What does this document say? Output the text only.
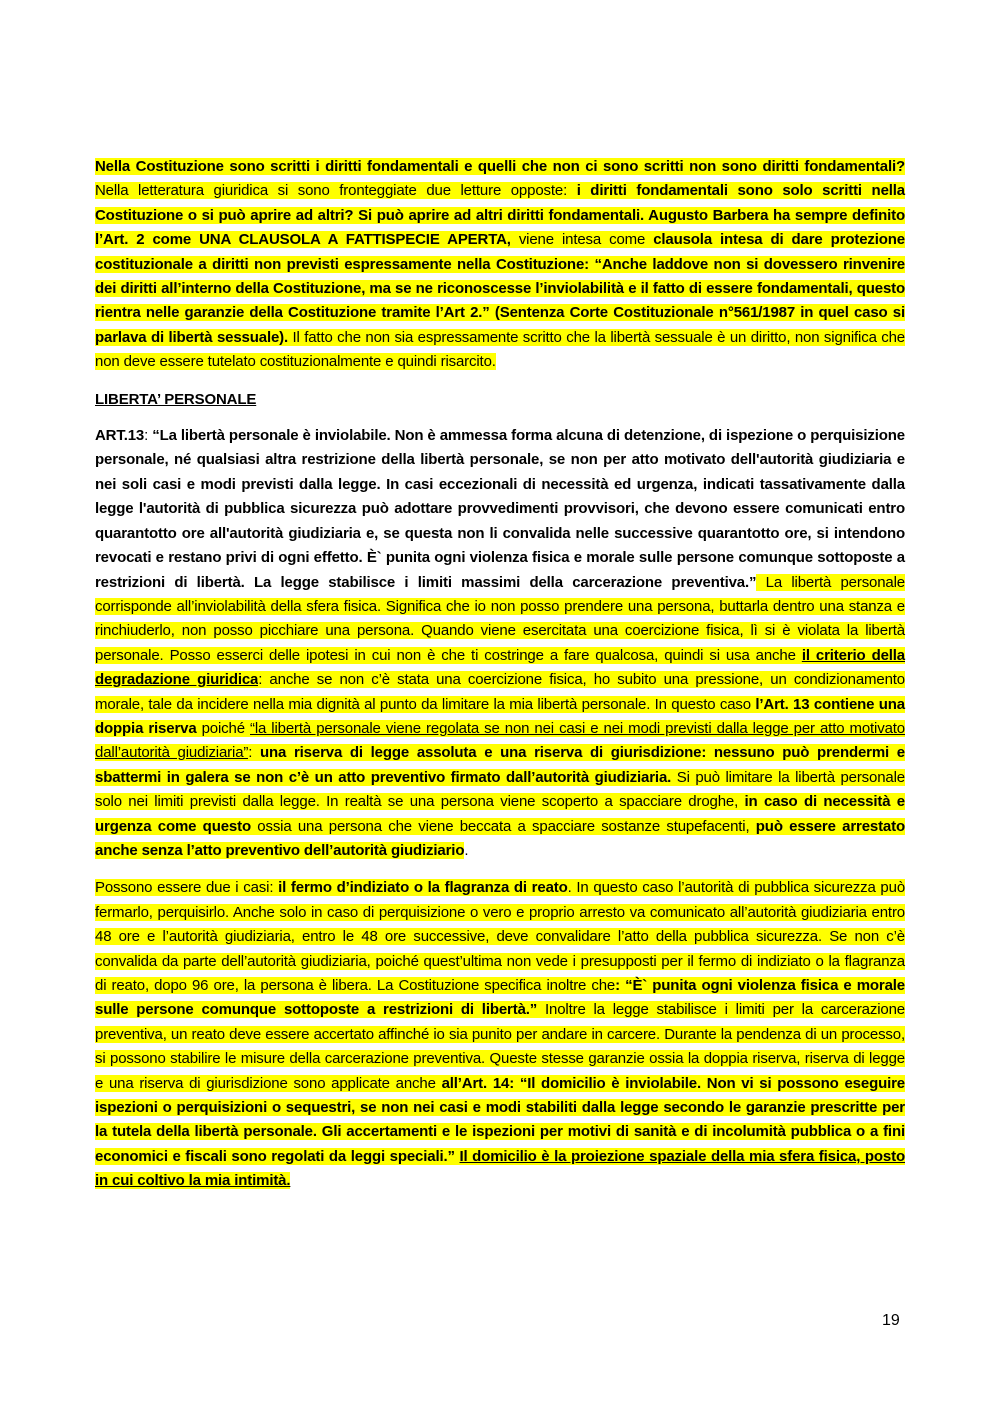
Nella Costituzione sono scritti i diritti fondamentali e quelli che non ci sono scritti non sono diritti fondamentali? Nella letteratura giuridica si sono fronteggiate due letture opposte: i diritti fondamentali sono solo scritti nella Costituzione o si può aprire ad altri? Si può aprire ad altri diritti fondamentali. Augusto Barbera ha sempre definito l’Art. 2 come UNA CLAUSOLA A FATTISPECIE APERTA, viene intesa come clausola intesa di dare protezione costituzionale a diritti non previsti espressamente nella Costituzione: “Anche laddove non si dovessero rinvenire dei diritti all’interno della Costituzione, ma se ne riconoscesse l’inviolabilità e il fatto di essere fondamentali, questo rientra nelle garanzie della Costituzione tramite l’Art 2.” (Sentenza Corte Costituzionale n°561/1987 in quel caso si parlava di libertà sessuale). Il fatto che non sia espressamente scritto che la libertà sessuale è un diritto, non significa che non deve essere tutelato costituzionalmente e quindi risarcito.

LIBERTA’ PERSONALE

ART.13: “La libertà personale è inviolabile. Non è ammessa forma alcuna di detenzione, di ispezione o perquisizione personale, né qualsiasi altra restrizione della libertà personale, se non per atto motivato dell'autorità giudiziaria e nei soli casi e modi previsti dalla legge. In casi eccezionali di necessità ed urgenza, indicati tassativamente dalla legge l'autorità di pubblica sicurezza può adottare provvedimenti provvisori, che devono essere comunicati entro quarantotto ore all'autorità giudiziaria e, se questa non li convalida nelle successive quarantotto ore, si intendono revocati e restano privi di ogni effetto. È` punita ogni violenza fisica e morale sulle persone comunque sottoposte a restrizioni di libertà. La legge stabilisce i limiti massimi della carcerazione preventiva.” La libertà personale corrisponde all’inviolabilità della sfera fisica. Significa che io non posso prendere una persona, buttarla dentro una stanza e rinchiuderlo, non posso picchiare una persona. Quando viene esercitata una coercizione fisica, lì si è violata la libertà personale. Posso esserci delle ipotesi in cui non è che ti costringe a fare qualcosa, quindi si usa anche il criterio della degradazione giuridica: anche se non c’è stata una coercizione fisica, ho subito una pressione, un condizionamento morale, tale da incidere nella mia dignità al punto da limitare la mia libertà personale. In questo caso l’Art. 13 contiene una doppia riserva poiché “la libertà personale viene regolata se non nei casi e nei modi previsti dalla legge per atto motivato dall’autorità giudiziaria”: una riserva di legge assoluta e una riserva di giurisdizione: nessuno può prendermi e sbattermi in galera se non c’è un atto preventivo firmato dall’autorità giudiziaria. Si può limitare la libertà personale solo nei limiti previsti dalla legge. In realtà se una persona viene scoperto a spacciare droghe, in caso di necessità e urgenza come questo ossia una persona che viene beccata a spacciare sostanze stupefacenti, può essere arrestato anche senza l’atto preventivo dell’autorità giudiziario.

Possono essere due i casi: il fermo d’indiziato o la flagranza di reato. In questo caso l’autorità di pubblica sicurezza può fermarlo, perquisirlo. Anche solo in caso di perquisizione o vero e proprio arresto va comunicato all’autorità giudiziaria entro 48 ore e l’autorità giudiziaria, entro le 48 ore successive, deve convalidare l’atto della pubblica sicurezza. Se non c’è convalida da parte dell’autorità giudiziaria, poiché quest’ultima non vede i presupposti per il fermo di indiziato o la flagranza di reato, dopo 96 ore, la persona è libera. La Costituzione specifica inoltre che: “È` punita ogni violenza fisica e morale sulle persone comunque sottoposte a restrizioni di libertà.” Inoltre la legge stabilisce i limiti per la carcerazione preventiva, un reato deve essere accertato affinché io sia punito per andare in carcere. Durante la pendenza di un processo, si possono stabilire le misure della carcerazione preventiva. Queste stesse garanzie ossia la doppia riserva, riserva di legge e una riserva di giurisdizione sono applicate anche all’Art. 14: “Il domicilio è inviolabile. Non vi si possono eseguire ispezioni o perquisizioni o sequestri, se non nei casi e modi stabiliti dalla legge secondo le garanzie prescritte per la tutela della libertà personale. Gli accertamenti e le ispezioni per motivi di sanità e di incolumità pubblica o a fini economici e fiscali sono regolati da leggi speciali.” Il domicilio è la proiezione spaziale della mia sfera fisica, posto in cui coltivo la mia intimità.

19
